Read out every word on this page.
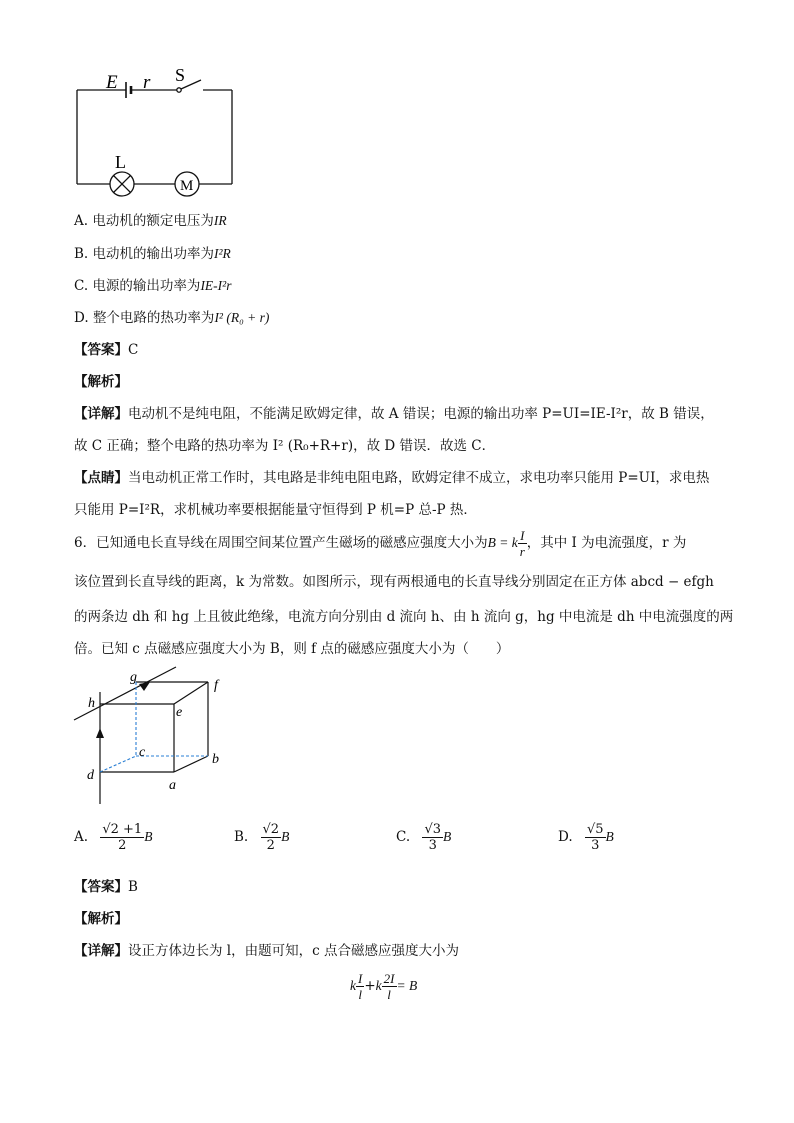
E r S
L
M
A. 电动机的额定电压为IR
B. 电动机的输出功率为I²R
C. 电源的输出功率为IE-I²r
D. 整个电路的热功率为I² (R₀ + r)
【答案】C
【解析】
【详解】电动机不是纯电阻，不能满足欧姆定律，故 A 错误；电源的输出功率 P=UI=IE-I²r，故 B 错误，
故 C 正确；整个电路的热功率为 I² (R₀+R+r)，故 D 错误．故选 C．
【点睛】当电动机正常工作时，其电路是非纯电阻电路，欧姆定律不成立，求电功率只能用 P=UI，求电热
只能用 P=I²R，求机械功率要根据能量守恒得到 P 机=P 总-P 热．
6．已知通电长直导线在周围空间某位置产生磁场的磁感应强度大小为B = k $\frac{I}{r}$ ，其中 I 为电流强度，r 为
该位置到长直导线的距离，k 为常数。如图所示，现有两根通电的长直导线分别固定在正方体 abcd − efgh
的两条边 dh 和 hg 上且彼此绝缘，电流方向分别由 d 流向 h、由 h 流向 g，hg 中电流是 dh 中电流强度的两
倍。已知 c 点磁感应强度大小为 B，则 f 点的磁感应强度大小为（　　）
h
g
f
e
c	b
d
a
A. $\frac{√2 +1}{2}$ B	B. $\frac{√2}{2}$ B	C. $\frac{√3}{3}$ B	D. $\frac{√5}{3}$ B
【答案】B
【解析】
【详解】设正方体边长为 l，由题可知，c 点合磁感应强度大小为
k $\frac{I}{l} +k \frac{2I}{l} = B$
